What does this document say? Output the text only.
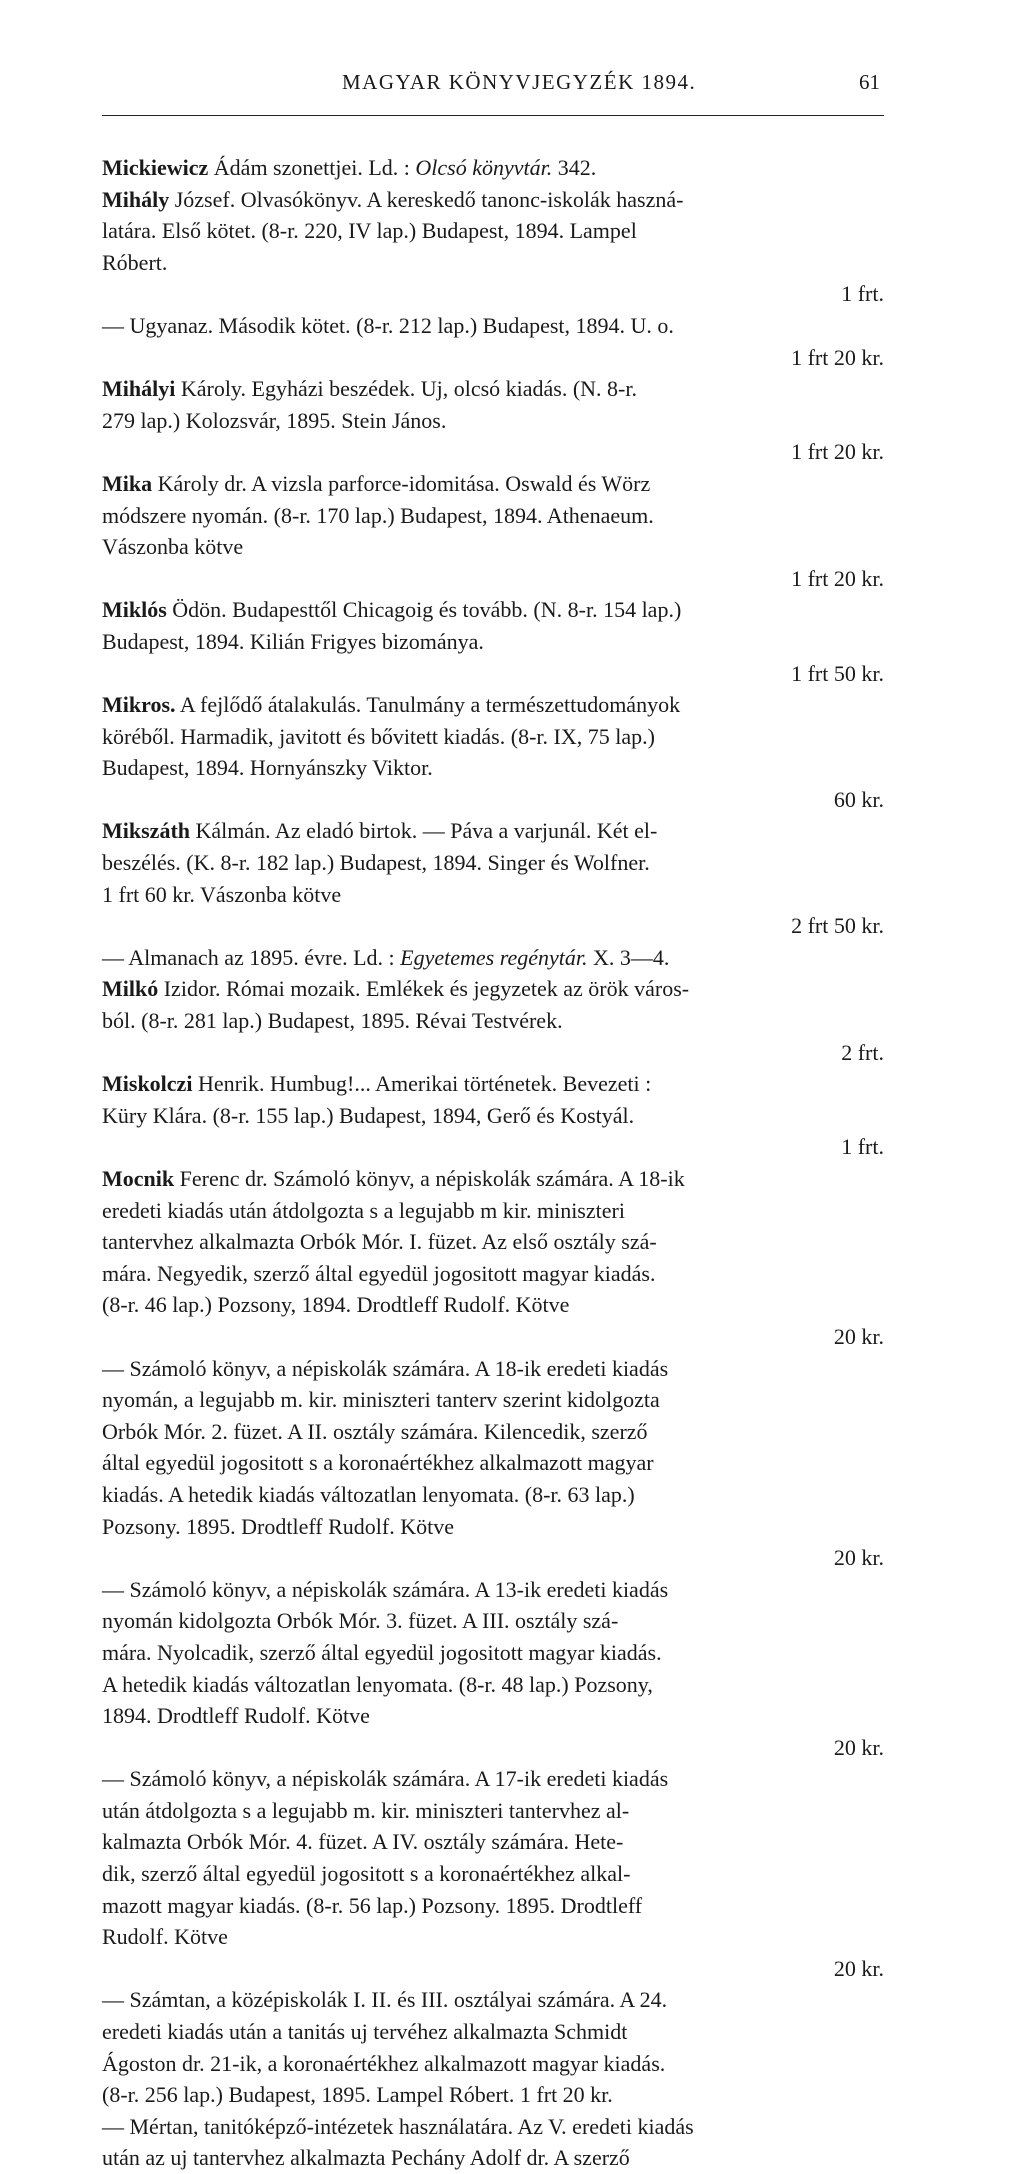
MAGYAR KÖNYVJEGYZÉK 1894.	61

Mickiewicz Ádám szonettjei. Ld. : Olcsó könyvtár. 342.

Mihály József. Olvasókönyv. A kereskedő tanonc-iskolák haszná-
latára. Első kötet. (8-r. 220, IV lap.) Budapest, 1894. Lampel
Róbert.
1 frt.

— Ugyanaz. Második kötet. (8-r. 212 lap.) Budapest, 1894. U. o.
1 frt 20 kr.

Mihályi Károly. Egyházi beszédek. Uj, olcsó kiadás. (N. 8-r.
279 lap.) Kolozsvár, 1895. Stein János.
1 frt 20 kr.

Mika Károly dr. A vizsla parforce-idomitása. Oswald és Wörz
módszere nyomán. (8-r. 170 lap.) Budapest, 1894. Athenaeum.
Vászonba kötve
1 frt 20 kr.

Miklós Ödön. Budapesttől Chicagoig és tovább. (N. 8-r. 154 lap.)
Budapest, 1894. Kilián Frigyes bizománya.
1 frt 50 kr.

Mikros. A fejlődő átalakulás. Tanulmány a természettudományok
köréből. Harmadik, javitott és bővitett kiadás. (8-r. IX, 75 lap.)
Budapest, 1894. Hornyánszky Viktor.
60 kr.

Mikszáth Kálmán. Az eladó birtok. — Páva a varjunál. Két el-
beszélés. (K. 8-r. 182 lap.) Budapest, 1894. Singer és Wolfner.
1 frt 60 kr. Vászonba kötve
2 frt 50 kr.

— Almanach az 1895. évre. Ld. : Egyetemes regénytár. X. 3—4.

Milkó Izidor. Római mozaik. Emlékek és jegyzetek az örök város-
ból. (8-r. 281 lap.) Budapest, 1895. Révai Testvérek.
2 frt.

Miskolczi Henrik. Humbug!... Amerikai történetek. Bevezeti :
Küry Klára. (8-r. 155 lap.) Budapest, 1894, Gerő és Kostyál.
1 frt.

Mocnik Ferenc dr. Számoló könyv, a népiskolák számára. A 18-ik
eredeti kiadás után átdolgozta s a legujabb m kir. miniszteri
tantervhez alkalmazta Orbók Mór. I. füzet. Az első osztály szá-
mára. Negyedik, szerző által egyedül jogositott magyar kiadás.
(8-r. 46 lap.) Pozsony, 1894. Drodtleff Rudolf. Kötve
20 kr.

— Számoló könyv, a népiskolák számára. A 18-ik eredeti kiadás
nyomán, a legujabb m. kir. miniszteri tanterv szerint kidolgozta
Orbók Mór. 2. füzet. A II. osztály számára. Kilencedik, szerző
által egyedül jogositott s a koronaértékhez alkalmazott magyar
kiadás. A hetedik kiadás változatlan lenyomata. (8-r. 63 lap.)
Pozsony. 1895. Drodtleff Rudolf. Kötve
20 kr.

— Számoló könyv, a népiskolák számára. A 13-ik eredeti kiadás
nyomán kidolgozta Orbók Mór. 3. füzet. A III. osztály szá-
mára. Nyolcadik, szerző által egyedül jogositott magyar kiadás.
A hetedik kiadás változatlan lenyomata. (8-r. 48 lap.) Pozsony,
1894. Drodtleff Rudolf. Kötve
20 kr.

— Számoló könyv, a népiskolák számára. A 17-ik eredeti kiadás
után átdolgozta s a legujabb m. kir. miniszteri tantervhez al-
kalmazta Orbók Mór. 4. füzet. A IV. osztály számára. Hete-
dik, szerző által egyedül jogositott s a koronaértékhez alkal-
mazott magyar kiadás. (8-r. 56 lap.) Pozsony. 1895. Drodtleff
Rudolf. Kötve
20 kr.

— Számtan, a középiskolák I. II. és III. osztályai számára. A 24.
eredeti kiadás után a tanitás uj tervéhez alkalmazta Schmidt
Ágoston dr. 21-ik, a koronaértékhez alkalmazott magyar kiadás.
(8-r. 256 lap.) Budapest, 1895. Lampel Róbert. 1 frt 20 kr.

— Mértan, tanitóképző-intézetek használatára. Az V. eredeti kiadás
után az uj tantervhez alkalmazta Pechány Adolf dr. A szerző
